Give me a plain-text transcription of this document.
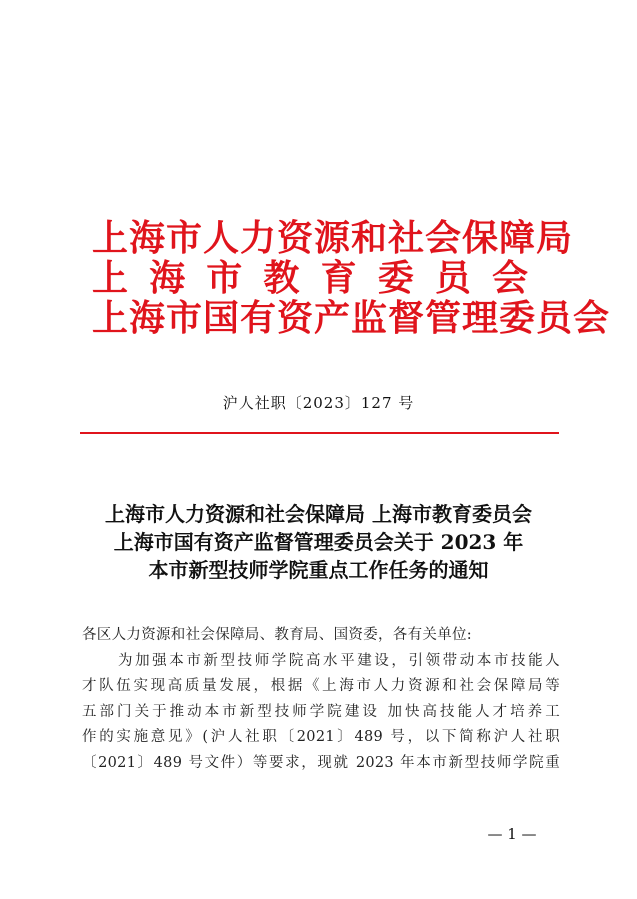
上海市人力资源和社会保障局
上海市教育委员会
上海市国有资产监督管理委员会
沪人社职〔2023〕127 号
上海市人力资源和社会保障局 上海市教育委员会
上海市国有资产监督管理委员会关于 2023 年
本市新型技师学院重点工作任务的通知
各区人力资源和社会保障局、教育局、国资委，各有关单位:
为加强本市新型技师学院高水平建设，引领带动本市技能人
才队伍实现高质量发展，根据《上海市人力资源和社会保障局等
五部门关于推动本市新型技师学院建设 加快高技能人才培养工
作的实施意见》(沪人社职〔2021〕489 号，以下简称沪人社职
〔2021〕489 号文件）等要求，现就 2023 年本市新型技师学院重
— 1 —
